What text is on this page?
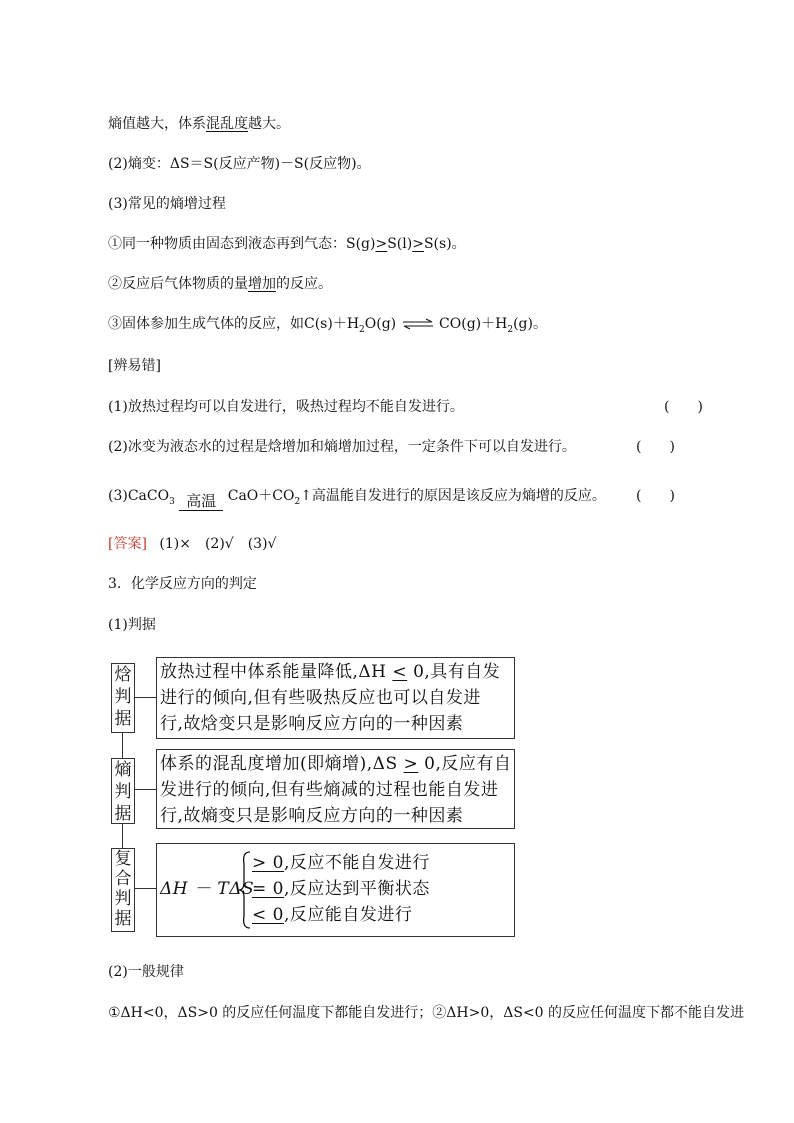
熵值越大，体系混乱度越大。
(2)熵变：ΔS＝S(反应产物)－S(反应物)。
(3)常见的熵增过程
①同一种物质由固态到液态再到气态：S(g)>S(l)>S(s)。
②反应后气体物质的量增加的反应。
③固体参加生成气体的反应，如$C(s)+H_2O(g)$ ⇌ $CO(g)+H_2(g)$。
[辨易错]
(1)放热过程均可以自发进行，吸热过程均不能自发进行。	(　　)
(2)冰变为液态水的过程是焓增加和熵增加过程，一定条件下可以自发进行。	(　　)
(3)CaCO$_3$ 高温 $CaO+CO_2↑$高温能自发进行的原因是该反应为熵增的反应。 (　　)
[答案] (1)×　(2)√　(3)√
3．化学反应方向的判定
(1)判据
焓
判
据
放热过程中体系能量降低,ΔH < 0,具有自发
进行的倾向,但有些吸热反应也可以自发进
行,故焓变只是影响反应方向的一种因素
熵
判
据
体系的混乱度增加(即熵增),ΔS > 0,反应有自
发进行的倾向,但有些熵减的过程也能自发进
行,故熵变只是影响反应方向的一种因素
复
合
判
据
ΔH － TΔS
> 0,反应不能自发进行
= 0,反应达到平衡状态
< 0,反应能自发进行
(2)一般规律
①ΔH<0，ΔS>0 的反应任何温度下都能自发进行；②ΔH>0，ΔS<0 的反应任何温度下都不能自发进
